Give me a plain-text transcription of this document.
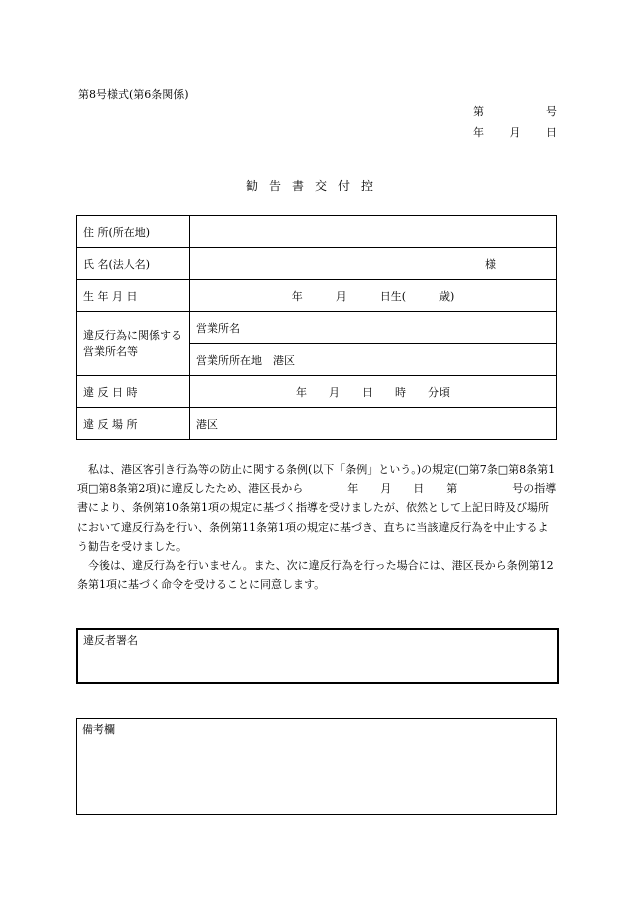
第8号様式(第6条関係)
第	号
年 月 日
勧告書交付控
住 所(所在地)	
氏 名(法人名)	様
生 年 月 日	年　　　月　　　日生(　　　歳)
違反行為に関係する営業所名等	営業所名
	営業所所在地　港区
違 反 日 時	年　　月　　日　　時　　分頃
違 反 場 所	港区

　私は、港区客引き行為等の防止に関する条例(以下「条例」という。)の規定(□第7条□第8条第1項□第8条第2項)に違反したため、港区長から　　　　年　　月　　日　　第　　　　　号の指導書により、条例第10条第1項の規定に基づく指導を受けましたが、依然として上記日時及び場所において違反行為を行い、条例第11条第1項の規定に基づき、直ちに当該違反行為を中止するよう勧告を受けました。

　今後は、違反行為を行いません。また、次に違反行為を行った場合には、港区長から条例第12条第1項に基づく命令を受けることに同意します。

違反者署名
備考欄
